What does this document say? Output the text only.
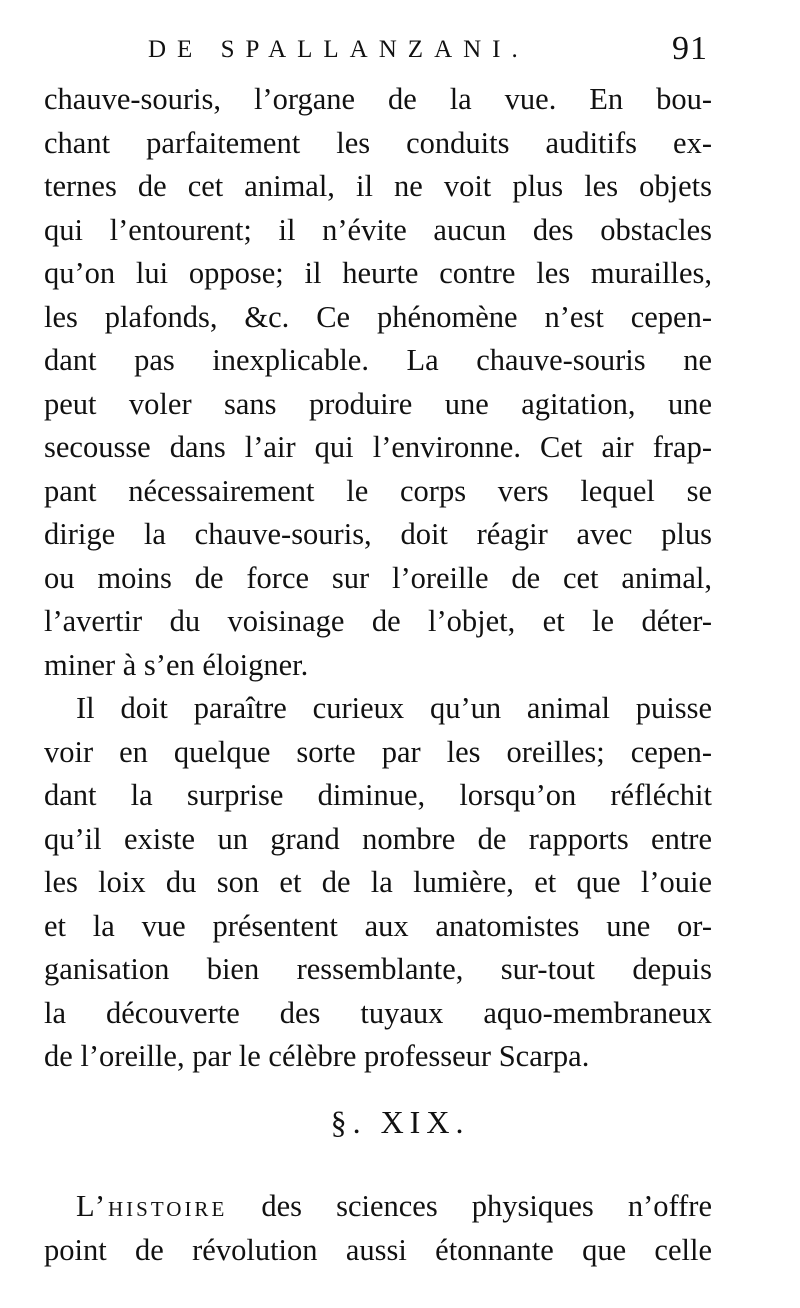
DE SPALLANZANI.	91
chauve-souris, l’organe de la vue. En bou-
chant parfaitement les conduits auditifs ex-
ternes de cet animal, il ne voit plus les objets
qui l’entourent; il n’évite aucun des obstacles
qu’on lui oppose; il heurte contre les murailles,
les plafonds, &c. Ce phénomène n’est cepen-
dant pas inexplicable. La chauve-souris ne
peut voler sans produire une agitation, une
secousse dans l’air qui l’environne. Cet air frap-
pant nécessairement le corps vers lequel se
dirige la chauve-souris, doit réagir avec plus
ou moins de force sur l’oreille de cet animal,
l’avertir du voisinage de l’objet, et le déter-
miner à s’en éloigner.
Il doit paraître curieux qu’un animal puisse
voir en quelque sorte par les oreilles; cepen-
dant la surprise diminue, lorsqu’on réfléchit
qu’il existe un grand nombre de rapports entre
les loix du son et de la lumière, et que l’ouie
et la vue présentent aux anatomistes une or-
ganisation bien ressemblante, sur-tout depuis
la découverte des tuyaux aquo-membraneux
de l’oreille, par le célèbre professeur Scarpa.
§. XIX.
L’histoire des sciences physiques n’offre
point de révolution aussi étonnante que celle
